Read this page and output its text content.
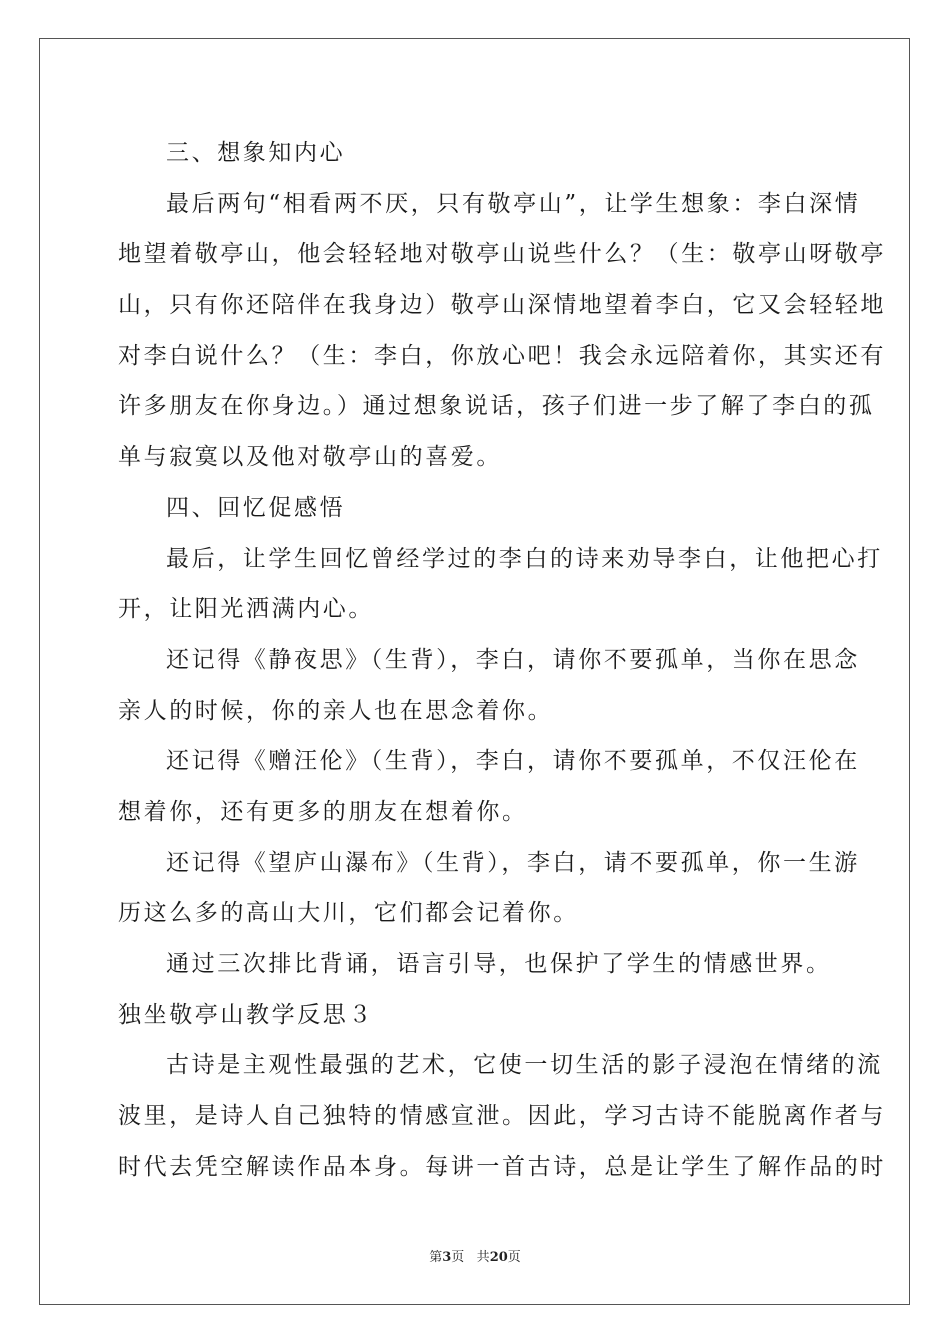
三、想象知内心
最后两句“相看两不厌，只有敬亭山”，让学生想象：李白深情
地望着敬亭山，他会轻轻地对敬亭山说些什么？（生：敬亭山呀敬亭
山，只有你还陪伴在我身边）敬亭山深情地望着李白，它又会轻轻地
对李白说什么？（生：李白，你放心吧！我会永远陪着你，其实还有
许多朋友在你身边。）通过想象说话，孩子们进一步了解了李白的孤
单与寂寞以及他对敬亭山的喜爱。
四、回忆促感悟
最后，让学生回忆曾经学过的李白的诗来劝导李白，让他把心打
开，让阳光洒满内心。
还记得《静夜思》（生背），李白，请你不要孤单，当你在思念
亲人的时候，你的亲人也在思念着你。
还记得《赠汪伦》（生背），李白，请你不要孤单，不仅汪伦在
想着你，还有更多的朋友在想着你。
还记得《望庐山瀑布》（生背），李白，请不要孤单，你一生游
历这么多的高山大川，它们都会记着你。
通过三次排比背诵，语言引导，也保护了学生的情感世界。
独坐敬亭山教学反思３
古诗是主观性最强的艺术，它使一切生活的影子浸泡在情绪的流
波里，是诗人自己独特的情感宣泄。因此，学习古诗不能脱离作者与
时代去凭空解读作品本身。每讲一首古诗，总是让学生了解作品的时
第3页 共20页
